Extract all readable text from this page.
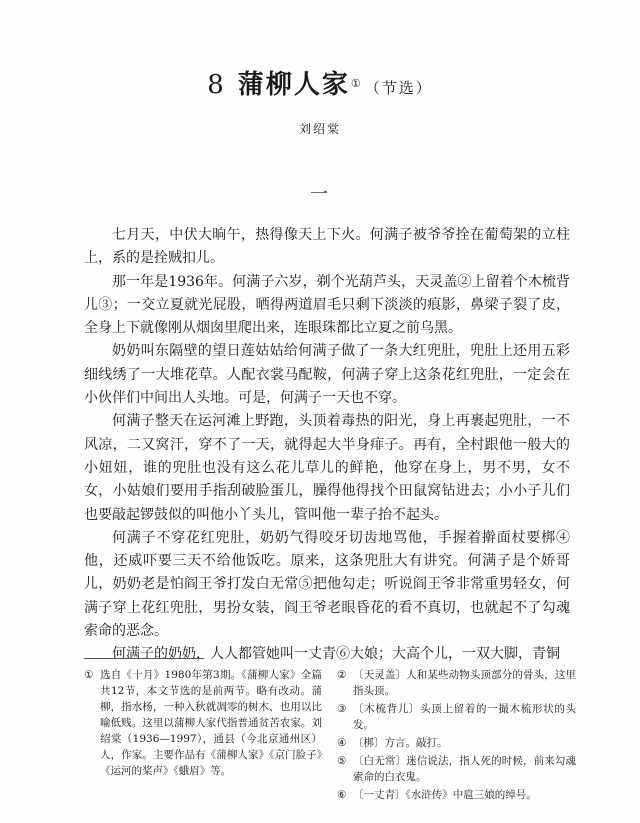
8 蒲柳人家① （节选）
刘绍棠
一

七月天，中伏大晌午，热得像天上下火。何满子被爷爷拴在葡萄架的立柱上，系的是拴贼扣儿。

那一年是1936年。何满子六岁，剃个光葫芦头，天灵盖②上留着个木梳背儿③；一交立夏就光屁股，晒得两道眉毛只剩下淡淡的痕影，鼻梁子裂了皮，全身上下就像刚从烟囱里爬出来，连眼珠都比立夏之前乌黑。

奶奶叫东隔壁的望日莲姑姑给何满子做了一条大红兜肚，兜肚上还用五彩细线绣了一大堆花草。人配衣裳马配鞍，何满子穿上这条花红兜肚，一定会在小伙伴们中间出人头地。可是，何满子一天也不穿。

何满子整天在运河滩上野跑，头顶着毒热的阳光，身上再裹起兜肚，一不风凉，二又窝汗，穿不了一天，就得起大半身痱子。再有，全村跟他一般大的小妞妞，谁的兜肚也没有这么花儿草儿的鲜艳，他穿在身上，男不男，女不女，小姑娘们要用手指刮破脸蛋儿，臊得他得找个田鼠窝钻进去；小小子儿们也要敲起锣鼓似的叫他小丫头儿，管叫他一辈子抬不起头。

何满子不穿花红兜肚，奶奶气得咬牙切齿地骂他，手握着擀面杖要梆④他，还威吓要三天不给他饭吃。原来，这条兜肚大有讲究。何满子是个娇哥儿，奶奶老是怕阎王爷打发白无常⑤把他勾走；听说阎王爷非常重男轻女，何满子穿上花红兜肚，男扮女装，阎王爷老眼昏花的看不真切，也就起不了勾魂索命的恶念。

何满子的奶奶，人人都管她叫一丈青⑥大娘；大高个儿，一双大脚，青铜

① 选自《十月》1980年第3期。《蒲柳人家》全篇共12节，本文节选的是前两节。略有改动。蒲柳，指水杨，一种入秋就凋零的树木，也用以比喻低贱。这里以蒲柳人家代指普通贫苦农家。刘绍棠（1936—1997），通县（今北京通州区）人，作家。主要作品有《蒲柳人家》《京门脸子》《运河的桨声》《蛾眉》等。
② 〔天灵盖〕人和某些动物头顶部分的骨头，这里指头顶。
③ 〔木梳背儿〕头顶上留着的一撮木梳形状的头发。
④ 〔梆〕方言。敲打。
⑤ 〔白无常〕迷信说法，指人死的时候，前来勾魂索命的白衣鬼。
⑥ 〔一丈青〕《水浒传》中扈三娘的绰号。
